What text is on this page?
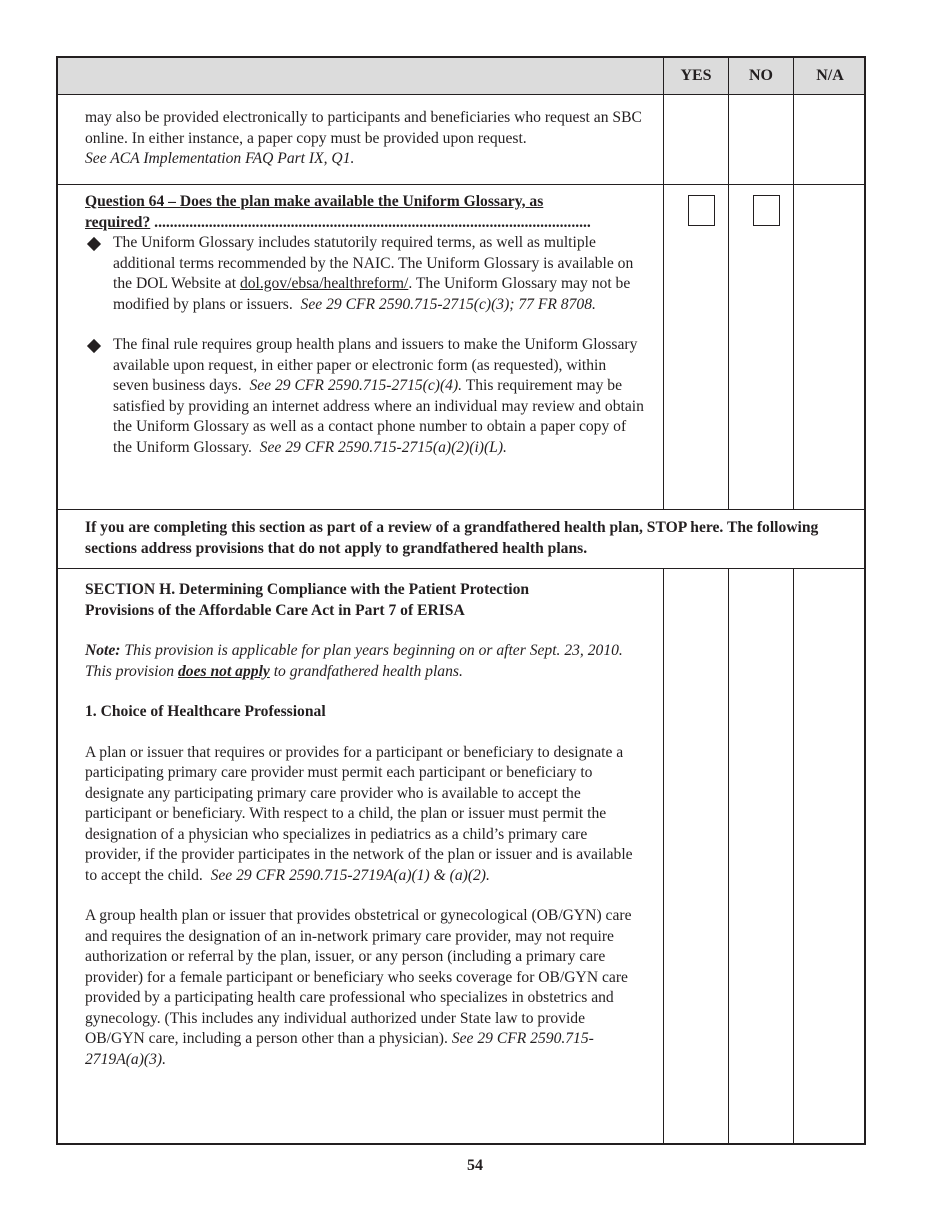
YES	NO	N/A
may also be provided electronically to participants and beneficiaries who request an SBC online. In either instance, a paper copy must be provided upon request.
See ACA Implementation FAQ Part IX, Q1.

Question 64 – Does the plan make available the Uniform Glossary, as
required? ................................................................................................................

The Uniform Glossary includes statutorily required terms, as well as multiple additional terms recommended by the NAIC. The Uniform Glossary is available on the DOL Website at dol.gov/ebsa/healthreform/. The Uniform Glossary may not be modified by plans or issuers. See 29 CFR 2590.715-2715(c)(3); 77 FR 8708.
The final rule requires group health plans and issuers to make the Uniform Glossary available upon request, in either paper or electronic form (as requested), within seven business days. See 29 CFR 2590.715-2715(c)(4). This requirement may be satisfied by providing an internet address where an individual may review and obtain the Uniform Glossary as well as a contact phone number to obtain a paper copy of the Uniform Glossary. See 29 CFR 2590.715-2715(a)(2)(i)(L).
If you are completing this section as part of a review of a grandfathered health plan, STOP here. The following sections address provisions that do not apply to grandfathered health plans.

SECTION H. Determining Compliance with the Patient Protection Provisions of the Affordable Care Act in Part 7 of ERISA

Note: This provision is applicable for plan years beginning on or after Sept. 23, 2010. This provision does not apply to grandfathered health plans.

1. Choice of Healthcare Professional

A plan or issuer that requires or provides for a participant or beneficiary to designate a participating primary care provider must permit each participant or beneficiary to designate any participating primary care provider who is available to accept the participant or beneficiary. With respect to a child, the plan or issuer must permit the designation of a physician who specializes in pediatrics as a child’s primary care provider, if the provider participates in the network of the plan or issuer and is available to accept the child. See 29 CFR 2590.715-2719A(a)(1) & (a)(2).

A group health plan or issuer that provides obstetrical or gynecological (OB/GYN) care and requires the designation of an in-network primary care provider, may not require authorization or referral by the plan, issuer, or any person (including a primary care provider) for a female participant or beneficiary who seeks coverage for OB/GYN care provided by a participating health care professional who specializes in obstetrics and gynecology. (This includes any individual authorized under State law to provide OB/GYN care, including a person other than a physician). See 29 CFR 2590.715-2719A(a)(3).

54
